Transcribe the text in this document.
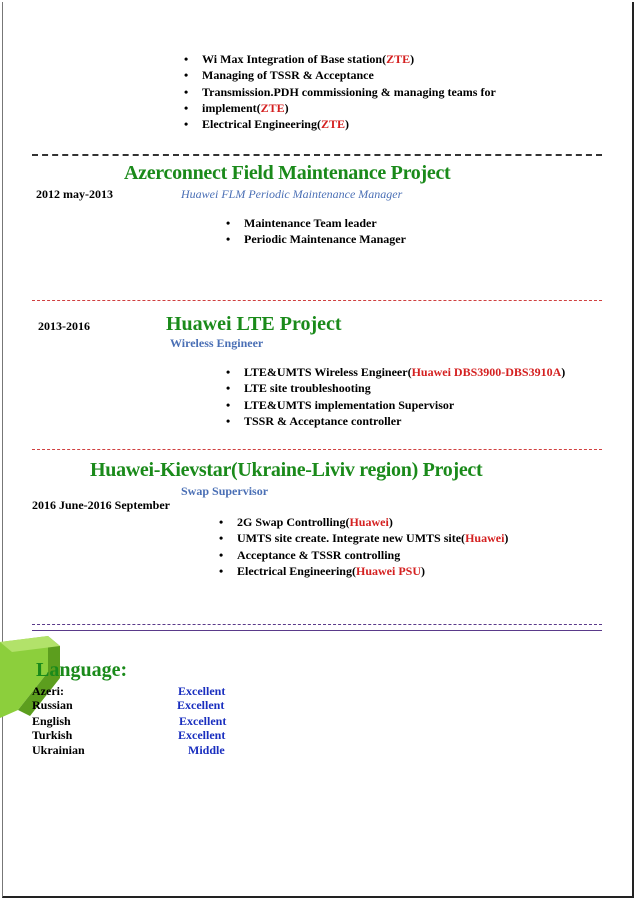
• Wi Max Integration of Base station(ZTE)
• Managing of TSSR & Acceptance
• Transmission.PDH commissioning & managing teams for
• implement(ZTE)
• Electrical Engineering(ZTE)
Azerconnect Field Maintenance Project
2012 may-2013	Huawei FLM Periodic Maintenance Manager
• Maintenance Team leader
• Periodic Maintenance Manager
2013-2016	Huawei LTE Project
Wireless Engineer
• LTE&UMTS Wireless Engineer(Huawei DBS3900-DBS3910A)
• LTE site troubleshooting
• LTE&UMTS implementation Supervisor
• TSSR & Acceptance controller
Huawei-Kievstar(Ukraine-Liviv region) Project
Swap Supervisor
2016 June-2016 September
• 2G Swap Controlling(Huawei)
• UMTS site create. Integrate new UMTS site(Huawei)
• Acceptance & TSSR controlling
• Electrical Engineering(Huawei PSU)
Language:
Azeri:	Excellent
Russian	Excellent
English	Excellent
Turkish	Excellent
Ukrainian	Middle
